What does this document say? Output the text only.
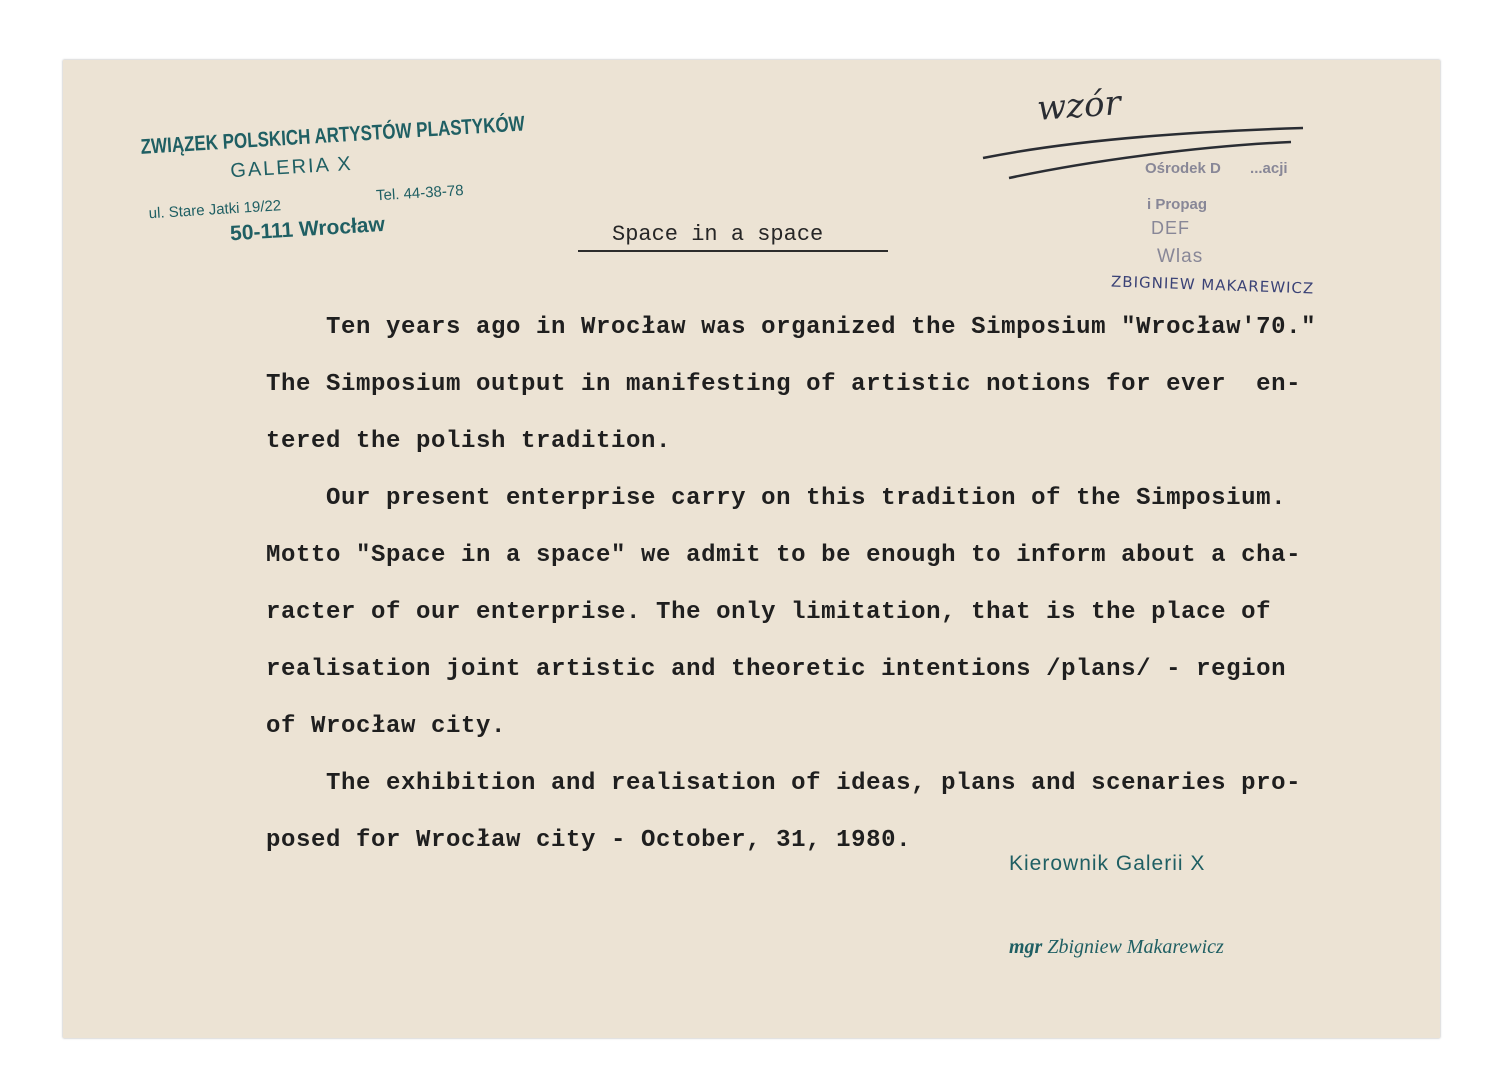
ZWIĄZEK POLSKICH ARTYSTÓW PLASTYKÓW
GALERIA X
ul. Stare Jatki 19/22
Tel. 44-38-78
50-111 Wrocław
wzór
Ośrodek D ...acji
i Propag
DEF
Wlas
ZBIGNIEW MAKAREWICZ
Space in a space
Ten years ago in Wrocław was organized the Simposium "Wrocław'70."
The Simposium output in manifesting of artistic notions for ever  en-
tered the polish tradition.
Our present enterprise carry on this tradition of the Simposium.
Motto "Space in a space" we admit to be enough to inform about a cha-
racter of our enterprise. The only limitation, that is the place of
realisation joint artistic and theoretic intentions /plans/ - region
of Wrocław city.
The exhibition and realisation of ideas, plans and scenaries pro-
posed for Wrocław city - October, 31, 1980.
Kierownik Galerii X
mgr Zbigniew Makarewicz
